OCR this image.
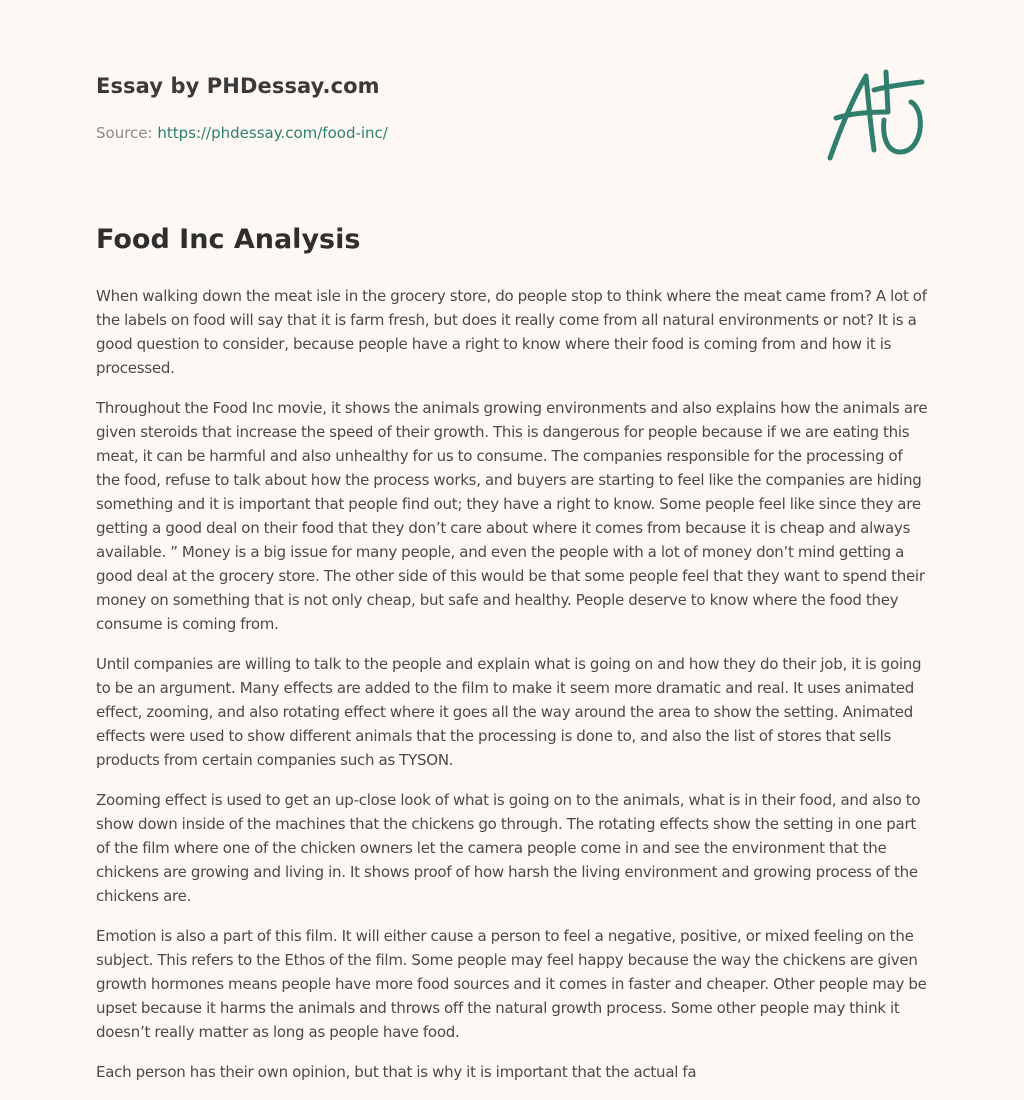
Essay by PHDessay.com
Source: https://phdessay.com/food-inc/
Food Inc Analysis

When walking down the meat isle in the grocery store, do people stop to think where the meat came from? A lot of the labels on food will say that it is farm fresh, but does it really come from all natural environments or not? It is a good question to consider, because people have a right to know where their food is coming from and how it is processed.

Throughout the Food Inc movie, it shows the animals growing environments and also explains how the animals are given steroids that increase the speed of their growth. This is dangerous for people because if we are eating this meat, it can be harmful and also unhealthy for us to consume. The companies responsible for the processing of the food, refuse to talk about how the process works, and buyers are starting to feel like the companies are hiding something and it is important that people find out; they have a right to know. Some people feel like since they are getting a good deal on their food that they don’t care about where it comes from because it is cheap and always available. ” Money is a big issue for many people, and even the people with a lot of money don’t mind getting a good deal at the grocery store. The other side of this would be that some people feel that they want to spend their money on something that is not only cheap, but safe and healthy. People deserve to know where the food they consume is coming from.

Until companies are willing to talk to the people and explain what is going on and how they do their job, it is going to be an argument. Many effects are added to the film to make it seem more dramatic and real. It uses animated effect, zooming, and also rotating effect where it goes all the way around the area to show the setting. Animated effects were used to show different animals that the processing is done to, and also the list of stores that sells products from certain companies such as TYSON.

Zooming effect is used to get an up-close look of what is going on to the animals, what is in their food, and also to show down inside of the machines that the chickens go through. The rotating effects show the setting in one part of the film where one of the chicken owners let the camera people come in and see the environment that the chickens are growing and living in. It shows proof of how harsh the living environment and growing process of the chickens are.

Emotion is also a part of this film. It will either cause a person to feel a negative, positive, or mixed feeling on the subject. This refers to the Ethos of the film. Some people may feel happy because the way the chickens are given growth hormones means people have more food sources and it comes in faster and cheaper. Other people may be upset because it harms the animals and throws off the natural growth process. Some other people may think it doesn’t really matter as long as people have food.

Each person has their own opinion, but that is why it is important that the actual fa
